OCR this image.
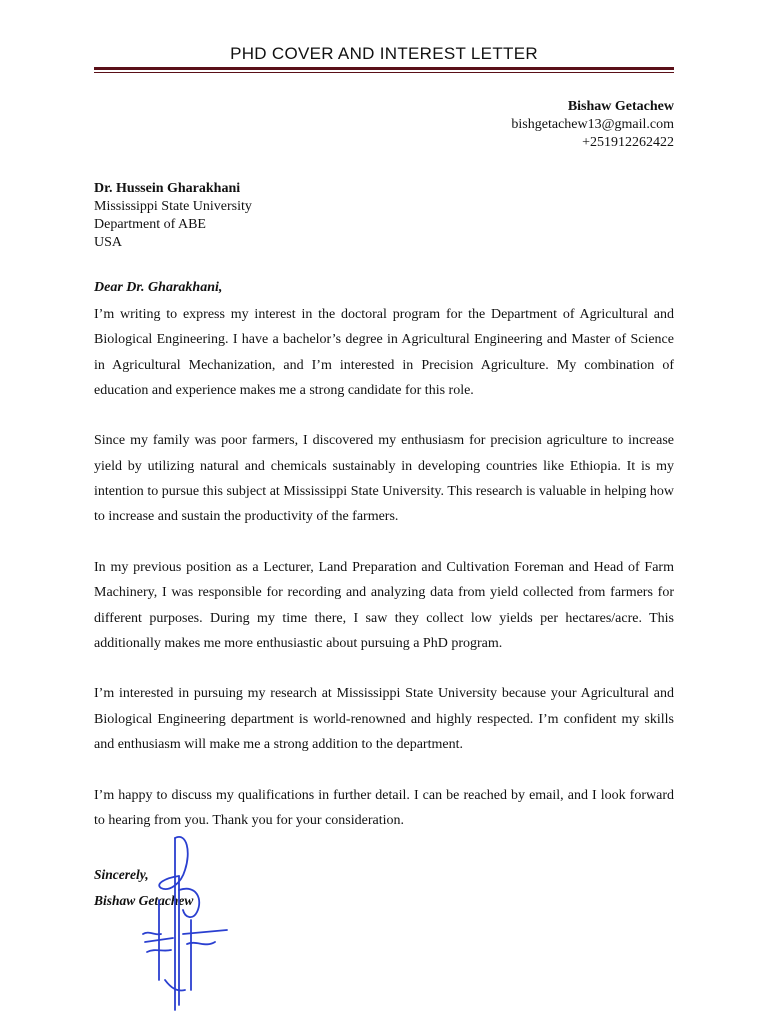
PHD COVER AND INTEREST LETTER
Bishaw Getachew
bishgetachew13@gmail.com
+251912262422
Dr. Hussein Gharakhani
Mississippi State University
Department of ABE
USA
Dear Dr. Gharakhani,

I’m writing to express my interest in the doctoral program for the Department of Agricultural and Biological Engineering. I have a bachelor’s degree in Agricultural Engineering and Master of Science in Agricultural Mechanization, and I’m interested in Precision Agriculture. My combination of education and experience makes me a strong candidate for this role.

Since my family was poor farmers, I discovered my enthusiasm for precision agriculture to increase yield by utilizing natural and chemicals sustainably in developing countries like Ethiopia. It is my intention to pursue this subject at Mississippi State University. This research is valuable in helping how to increase and sustain the productivity of the farmers.

In my previous position as a Lecturer, Land Preparation and Cultivation Foreman and Head of Farm Machinery, I was responsible for recording and analyzing data from yield collected from farmers for different purposes. During my time there, I saw they collect low yields per hectares/acre. This additionally makes me more enthusiastic about pursuing a PhD program.

I’m interested in pursuing my research at Mississippi State University because your Agricultural and Biological Engineering department is world-renowned and highly respected. I’m confident my skills and enthusiasm will make me a strong addition to the department.

I’m happy to discuss my qualifications in further detail. I can be reached by email, and I look forward to hearing from you. Thank you for your consideration.

Sincerely,
Bishaw Getachew
